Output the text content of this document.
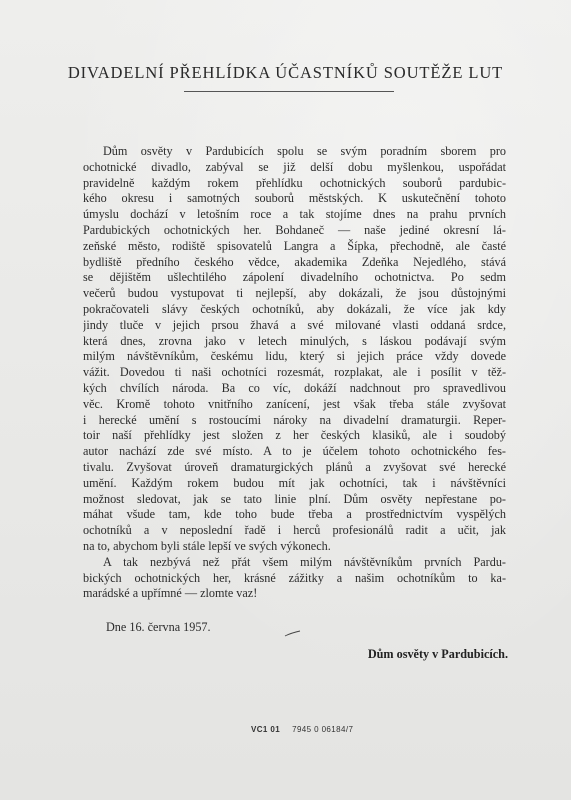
DIVADELNÍ PŘEHLÍDKA ÚČASTNÍKŮ SOUTĚŽE LUT
Dům osvěty v Pardubicích spolu se svým poradním sborem pro
ochotnické divadlo, zabýval se již delší dobu myšlenkou, uspořádat
pravidelně každým rokem přehlídku ochotnických souborů pardubic-
kého okresu i samotných souborů městských. K uskutečnění tohoto
úmyslu dochází v letošním roce a tak stojíme dnes na prahu prvních
Pardubických ochotnických her. Bohdaneč — naše jediné okresní lá-
zeňské město, rodiště spisovatelů Langra a Šípka, přechodně, ale časté
bydliště předního českého vědce, akademika Zdeňka Nejedlého, stává
se dějištěm ušlechtilého zápolení divadelního ochotnictva. Po sedm
večerů budou vystupovat ti nejlepší, aby dokázali, že jsou důstojnými
pokračovateli slávy českých ochotníků, aby dokázali, že více jak kdy
jindy tluče v jejich prsou žhavá a své milované vlasti oddaná srdce,
která dnes, zrovna jako v letech minulých, s láskou podávají svým
milým návštěvníkům, českému lidu, který si jejich práce vždy dovede
vážit. Dovedou ti naši ochotníci rozesmát, rozplakat, ale i posílit v těž-
kých chvílích národa. Ba co víc, dokáží nadchnout pro spravedlivou
věc. Kromě tohoto vnitřního zanícení, jest však třeba stále zvyšovat
i herecké umění s rostoucími nároky na divadelní dramaturgii. Reper-
toir naší přehlídky jest složen z her českých klasiků, ale i soudobý
autor nachází zde své místo. A to je účelem tohoto ochotnického fes-
tivalu. Zvyšovat úroveň dramaturgických plánů a zvyšovat své herecké
umění. Každým rokem budou mít jak ochotníci, tak i návštěvníci
možnost sledovat, jak se tato linie plní. Dům osvěty nepřestane po-
máhat všude tam, kde toho bude třeba a prostřednictvím vyspělých
ochotníků a v neposlední řadě i herců profesionálů radit a učit, jak
na to, abychom byli stále lepší ve svých výkonech.
A tak nezbývá než přát všem milým návštěvníkům prvních Pardu-
bických ochotnických her, krásné zážitky a našim ochotníkům to ka-
marádské a upřímné — zlomte vaz!
Dne 16. června 1957.
Dům osvěty v Pardubicích.
VC1 01 7945 0 06184/7
